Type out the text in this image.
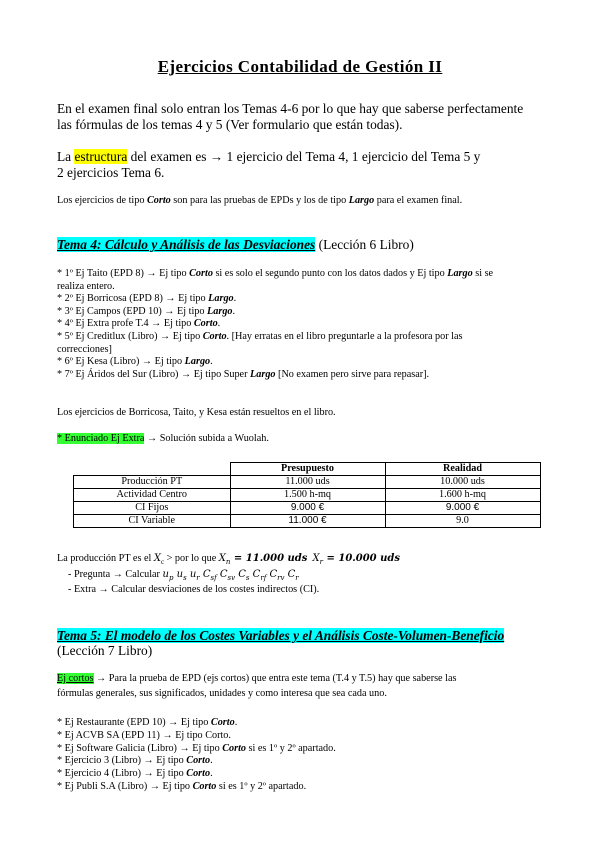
Ejercicios Contabilidad de Gestión II
En el examen final solo entran los Temas 4-6 por lo que hay que saberse perfectamente
las fórmulas de los temas 4 y 5 (Ver formulario que están todas).
La estructura del examen es → 1 ejercicio del Tema 4, 1 ejercicio del Tema 5 y
2 ejercicios Tema 6.
Los ejercicios de tipo Corto son para las pruebas de EPDs y los de tipo Largo para el examen final.
Tema 4: Cálculo y Análisis de las Desviaciones (Lección 6 Libro)
* 1º Ej Taito (EPD 8) → Ej tipo Corto si es solo el segundo punto con los datos dados y Ej tipo Largo si se
realiza entero.
* 2º Ej Borricosa (EPD 8) → Ej tipo Largo.
* 3º Ej Campos (EPD 10) → Ej tipo Largo.
* 4º Ej Extra profe T.4 → Ej tipo Corto.
* 5º Ej Creditlux (Libro) → Ej tipo Corto. [Hay erratas en el libro preguntarle a la profesora por las
correcciones]
* 6º Ej Kesa (Libro) → Ej tipo Largo.
* 7º Ej Áridos del Sur (Libro) → Ej tipo Super Largo [No examen pero sirve para repasar].
Los ejercicios de Borricosa, Taito, y Kesa están resueltos en el libro.
* Enunciado Ej Extra → Solución subida a Wuolah.
	Presupuesto	Realidad
Producción PT	11.000 uds	10.000 uds
Actividad Centro	1.500 h-mq	1.600 h-mq
CI Fijos	9.000 €	9.000 €
CI Variable	11.000 €	9.0
La producción PT es el $X_c$ > por lo que $X_n = 11.000$ uds $X_r = 10.000$ uds
- Pregunta → Calcular $u_p$ $u_s$ $u_r$ $C_{sf}$ $C_{sv}$ $C_s$ $C_{rf}$ $C_{rv}$ $C_r$
- Extra → Calcular desviaciones de los costes indirectos (CI).
Tema 5: El modelo de los Costes Variables y el Análisis Coste-Volumen-Beneficio
(Lección 7 Libro)
Ej cortos → Para la prueba de EPD (ejs cortos) que entra este tema (T.4 y T.5) hay que saberse las
fórmulas generales, sus significados, unidades y como interesa que sea cada uno.
* Ej Restaurante (EPD 10) → Ej tipo Corto.
* Ej ACVB SA (EPD 11) → Ej tipo Corto.
* Ej Software Galicia (Libro) → Ej tipo Corto si es 1º y 2º apartado.
* Ejercicio 3 (Libro) → Ej tipo Corto.
* Ejercicio 4 (Libro) → Ej tipo Corto.
* Ej Publi S.A (Libro) → Ej tipo Corto si es 1º y 2º apartado.
